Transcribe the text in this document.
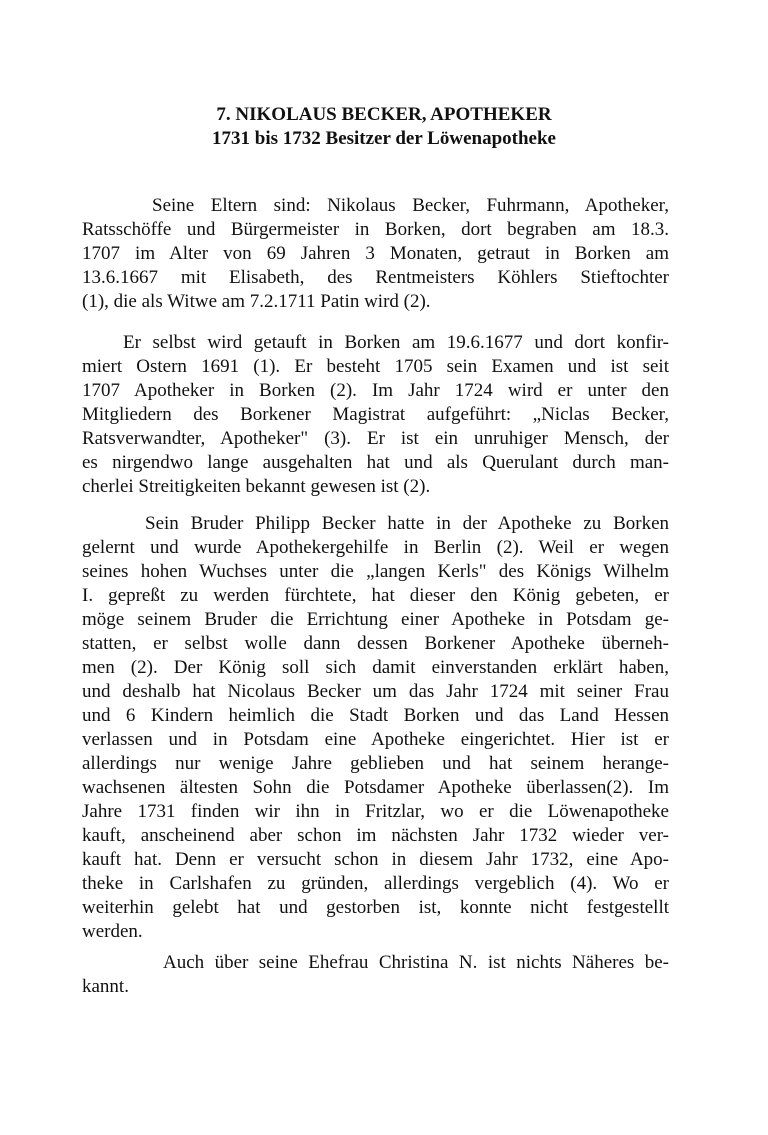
7. NIKOLAUS BECKER, APOTHEKER
1731 bis 1732 Besitzer der Löwenapotheke
Seine Eltern sind: Nikolaus Becker, Fuhrmann, Apotheker,
Ratsschöffe und Bürgermeister in Borken, dort begraben am 18.3.
1707 im Alter von 69 Jahren 3 Monaten, getraut in Borken am
13.6.1667 mit Elisabeth, des Rentmeisters Köhlers Stieftochter
(1), die als Witwe am 7.2.1711 Patin wird (2).
Er selbst wird getauft in Borken am 19.6.1677 und dort konfir-
miert Ostern 1691 (1). Er besteht 1705 sein Examen und ist seit
1707 Apotheker in Borken (2). Im Jahr 1724 wird er unter den
Mitgliedern des Borkener Magistrat aufgeführt: „Niclas Becker,
Ratsverwandter, Apotheker" (3). Er ist ein unruhiger Mensch, der
es nirgendwo lange ausgehalten hat und als Querulant durch man-
cherlei Streitigkeiten bekannt gewesen ist (2).
Sein Bruder Philipp Becker hatte in der Apotheke zu Borken
gelernt und wurde Apothekergehilfe in Berlin (2). Weil er wegen
seines hohen Wuchses unter die „langen Kerls" des Königs Wilhelm
I. gepreßt zu werden fürchtete, hat dieser den König gebeten, er
möge seinem Bruder die Errichtung einer Apotheke in Potsdam ge-
statten, er selbst wolle dann dessen Borkener Apotheke überneh-
men (2). Der König soll sich damit einverstanden erklärt haben,
und deshalb hat Nicolaus Becker um das Jahr 1724 mit seiner Frau
und 6 Kindern heimlich die Stadt Borken und das Land Hessen
verlassen und in Potsdam eine Apotheke eingerichtet. Hier ist er
allerdings nur wenige Jahre geblieben und hat seinem herange-
wachsenen ältesten Sohn die Potsdamer Apotheke überlassen(2). Im
Jahre 1731 finden wir ihn in Fritzlar, wo er die Löwenapotheke
kauft, anscheinend aber schon im nächsten Jahr 1732 wieder ver-
kauft hat. Denn er versucht schon in diesem Jahr 1732, eine Apo-
theke in Carlshafen zu gründen, allerdings vergeblich (4). Wo er
weiterhin gelebt hat und gestorben ist, konnte nicht festgestellt
werden.
Auch über seine Ehefrau Christina N. ist nichts Näheres be-
kannt.
